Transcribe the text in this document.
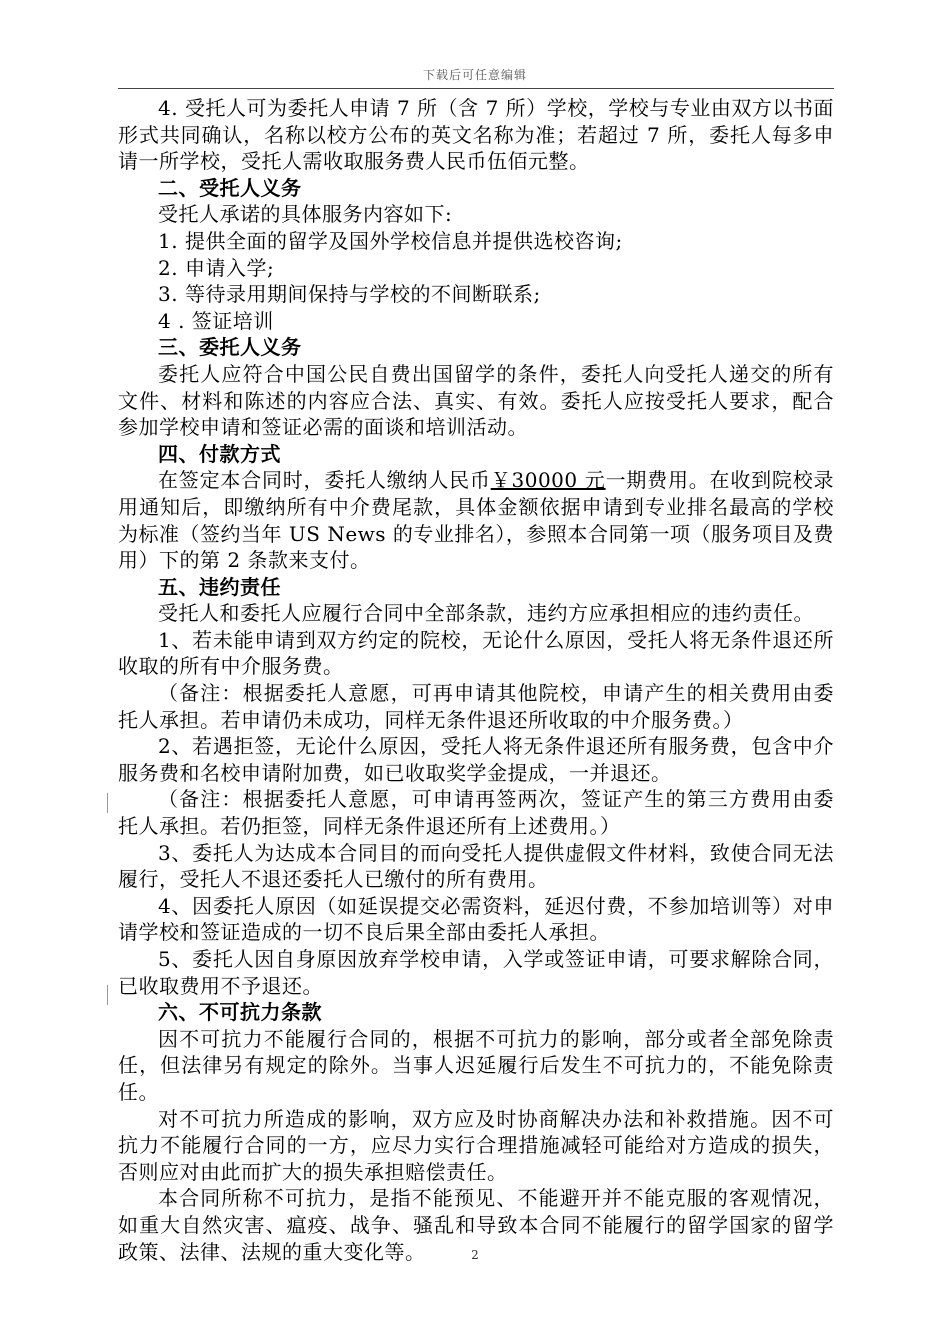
下载后可任意编辑

4. 受托人可为委托人申请 7 所（含 7 所）学校，学校与专业由双方以书面形式共同确认，名称以校方公布的英文名称为准；若超过 7 所，委托人每多申请一所学校，受托人需收取服务费人民币伍佰元整。

二、受托人义务

受托人承诺的具体服务内容如下:

1. 提供全面的留学及国外学校信息并提供选校咨询;

2. 申请入学;

3. 等待录用期间保持与学校的不间断联系;

4 . 签证培训

三、委托人义务

委托人应符合中国公民自费出国留学的条件，委托人向受托人递交的所有文件、材料和陈述的内容应合法、真实、有效。委托人应按受托人要求，配合参加学校申请和签证必需的面谈和培训活动。

四、付款方式

在签定本合同时，委托人缴纳人民币￥30000 元一期费用。在收到院校录用通知后，即缴纳所有中介费尾款，具体金额依据申请到专业排名最高的学校为标准（签约当年 US News 的专业排名），参照本合同第一项（服务项目及费用）下的第 2 条款来支付。

五、违约责任

受托人和委托人应履行合同中全部条款，违约方应承担相应的违约责任。

1、若未能申请到双方约定的院校，无论什么原因，受托人将无条件退还所收取的所有中介服务费。

（备注：根据委托人意愿，可再申请其他院校，申请产生的相关费用由委托人承担。若申请仍未成功，同样无条件退还所收取的中介服务费。）

2、若遇拒签，无论什么原因，受托人将无条件退还所有服务费，包含中介服务费和名校申请附加费，如已收取奖学金提成，一并退还。

（备注：根据委托人意愿，可申请再签两次，签证产生的第三方费用由委托人承担。若仍拒签，同样无条件退还所有上述费用。）

3、委托人为达成本合同目的而向受托人提供虚假文件材料，致使合同无法履行，受托人不退还委托人已缴付的所有费用。

4、因委托人原因（如延误提交必需资料，延迟付费，不参加培训等）对申请学校和签证造成的一切不良后果全部由委托人承担。

5、委托人因自身原因放弃学校申请，入学或签证申请，可要求解除合同，已收取费用不予退还。

六、不可抗力条款

因不可抗力不能履行合同的，根据不可抗力的影响，部分或者全部免除责任，但法律另有规定的除外。当事人迟延履行后发生不可抗力的，不能免除责任。

对不可抗力所造成的影响，双方应及时协商解决办法和补救措施。因不可抗力不能履行合同的一方，应尽力实行合理措施减轻可能给对方造成的损失，否则应对由此而扩大的损失承担赔偿责任。

本合同所称不可抗力，是指不能预见、不能避开并不能克服的客观情况，如重大自然灾害、瘟疫、战争、骚乱和导致本合同不能履行的留学国家的留学政策、法律、法规的重大变化等。	2
